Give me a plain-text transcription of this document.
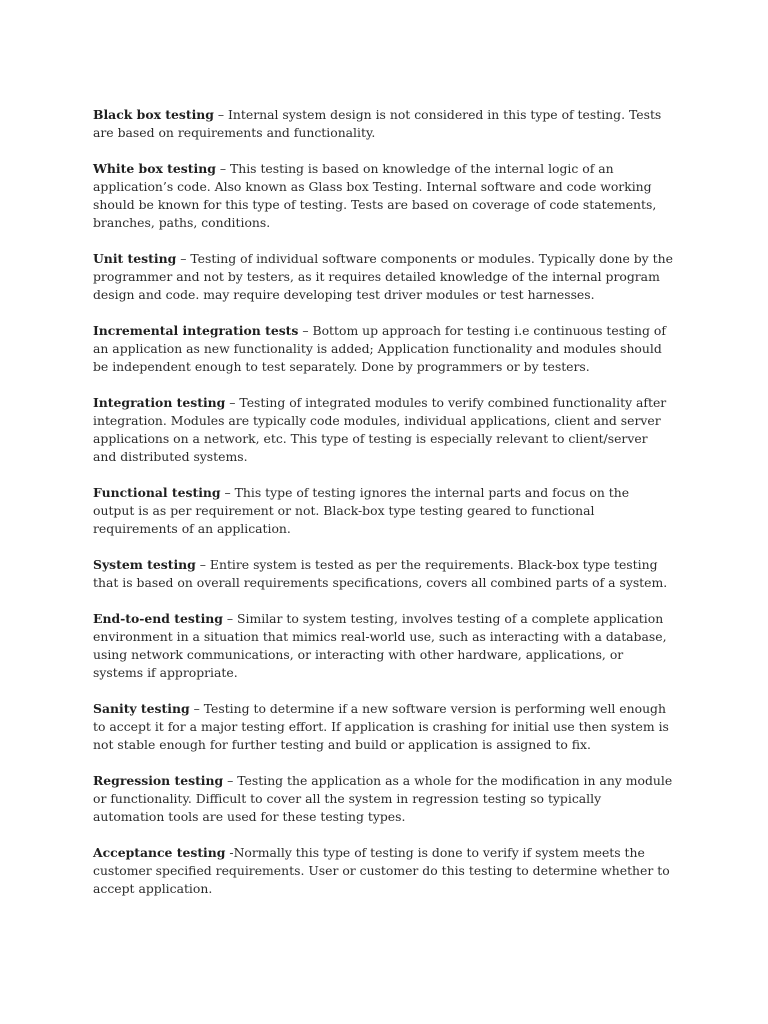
Black box testing – Internal system design is not considered in this type of testing. Tests are based on requirements and functionality.

White box testing – This testing is based on knowledge of the internal logic of an application’s code. Also known as Glass box Testing. Internal software and code working should be known for this type of testing. Tests are based on coverage of code statements, branches, paths, conditions.

Unit testing – Testing of individual software components or modules. Typically done by the programmer and not by testers, as it requires detailed knowledge of the internal program design and code. may require developing test driver modules or test harnesses.

Incremental integration tests – Bottom up approach for testing i.e continuous testing of an application as new functionality is added; Application functionality and modules should be independent enough to test separately. Done by programmers or by testers.

Integration testing – Testing of integrated modules to verify combined functionality after integration. Modules are typically code modules, individual applications, client and server applications on a network, etc. This type of testing is especially relevant to client/server and distributed systems.

Functional testing – This type of testing ignores the internal parts and focus on the output is as per requirement or not. Black-box type testing geared to functional requirements of an application.

System testing – Entire system is tested as per the requirements. Black-box type testing that is based on overall requirements specifications, covers all combined parts of a system.

End-to-end testing – Similar to system testing, involves testing of a complete application environment in a situation that mimics real-world use, such as interacting with a database, using network communications, or interacting with other hardware, applications, or systems if appropriate.

Sanity testing – Testing to determine if a new software version is performing well enough to accept it for a major testing effort. If application is crashing for initial use then system is not stable enough for further testing and build or application is assigned to fix.

Regression testing – Testing the application as a whole for the modification in any module or functionality. Difficult to cover all the system in regression testing so typically automation tools are used for these testing types.

Acceptance testing -Normally this type of testing is done to verify if system meets the customer specified requirements. User or customer do this testing to determine whether to accept application.
